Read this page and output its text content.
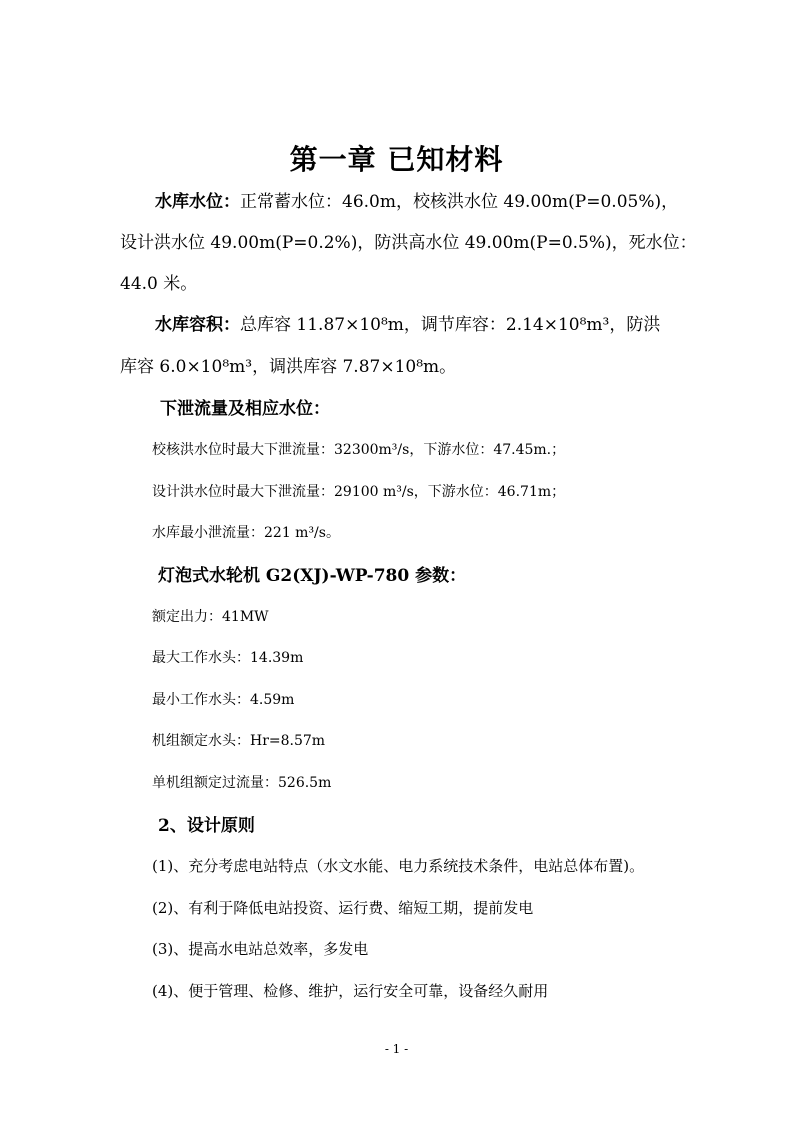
第一章 已知材料
水库水位：正常蓄水位：46.0m，校核洪水位 49.00m(P=0.05%)，
设计洪水位 49.00m(P=0.2%)，防洪高水位 49.00m(P=0.5%)，死水位：
44.0 米。
水库容积：总库容 11.87×10⁸m，调节库容：2.14×10⁸m³，防洪
库容 6.0×10⁸m³，调洪库容 7.87×10⁸m。
下泄流量及相应水位：
校核洪水位时最大下泄流量：32300m³/s，下游水位：47.45m.；
设计洪水位时最大下泄流量：29100 m³/s，下游水位：46.71m；
水库最小泄流量：221 m³/s。
灯泡式水轮机 G2(XJ)-WP-780 参数：
额定出力：41MW
最大工作水头：14.39m
最小工作水头：4.59m
机组额定水头：Hr=8.57m
单机组额定过流量：526.5m
2、设计原则
(1)、充分考虑电站特点（水文水能、电力系统技术条件，电站总体布置)。
(2)、有利于降低电站投资、运行费、缩短工期，提前发电
(3)、提高水电站总效率，多发电
(4)、便于管理、检修、维护，运行安全可靠，设备经久耐用
- 1 -
